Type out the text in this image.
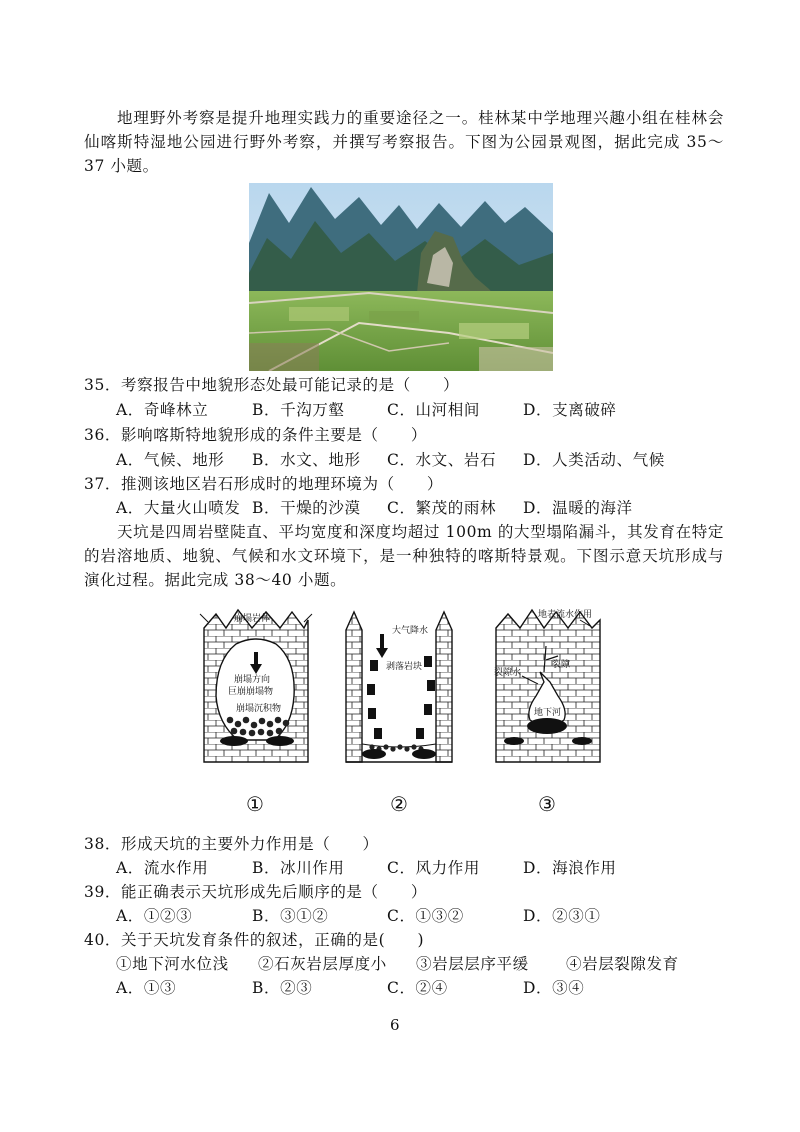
地理野外考察是提升地理实践力的重要途径之一。桂林某中学地理兴趣小组在桂林会仙喀斯特湿地公园进行野外考察，并撰写考察报告。下图为公园景观图，据此完成 35～37 小题。
35．考察报告中地貌形态处最可能记录的是（　　）
A．奇峰林立	B．千沟万壑	C．山河相间	D．支离破碎
36．影响喀斯特地貌形成的条件主要是（　　）
A．气候、地形 B．水文、地形 C．水文、岩石 D．人类活动、气候
37．推测该地区岩石形成时的地理环境为（　　）
A．大量火山喷发 B．干燥的沙漠 C．繁茂的雨林 D．温暖的海洋
天坑是四周岩壁陡直、平均宽度和深度均超过 100m 的大型塌陷漏斗，其发育在特定的岩溶地质、地貌、气候和水文环境下，是一种独特的喀斯特景观。下图示意天坑形成与演化过程。据此完成 38～40 小题。
崩塌岩体
崩塌方向
巨崩崩塌物
崩塌沉积物
①
大气降水
剥落岩块
②
地表流水作用
裂隙水
裂隙
地下河
③
38．形成天坑的主要外力作用是（　　）
A．流水作用	B．冰川作用	C．风力作用	D．海浪作用
39．能正确表示天坑形成先后顺序的是（　　）
A．①②③	B．③①②	C．①③②	D．②③①
40．关于天坑发育条件的叙述，正确的是(　　)
①地下河水位浅 ②石灰岩层厚度小 ③岩层层序平缓 ④岩层裂隙发育
A．①③	B．②③	C．②④	D．③④
6
